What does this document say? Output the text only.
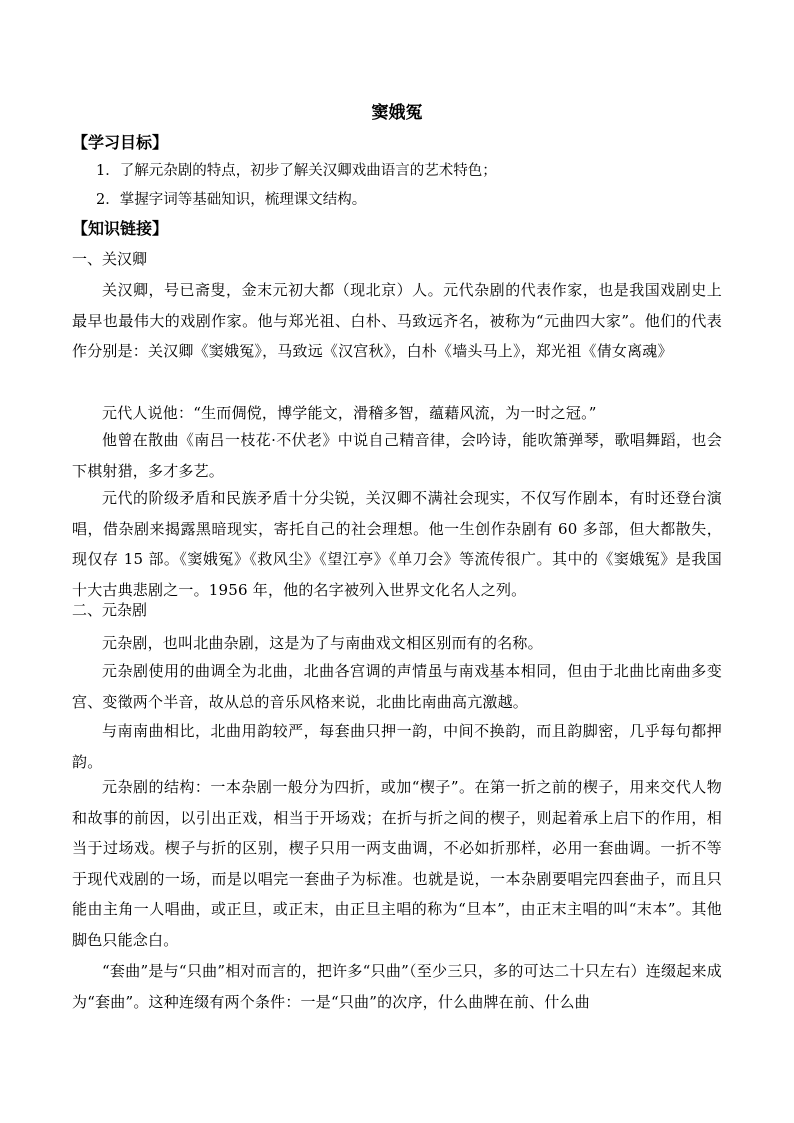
窦娥冤
【学习目标】
1．了解元杂剧的特点，初步了解关汉卿戏曲语言的艺术特色；
2．掌握字词等基础知识，梳理课文结构。
【知识链接】
一、关汉卿
关汉卿，号已斋叟，金末元初大都（现北京）人。元代杂剧的代表作家，也是我国戏剧史上最早也最伟大的戏剧作家。他与郑光祖、白朴、马致远齐名，被称为“元曲四大家”。他们的代表作分别是：关汉卿《窦娥冤》，马致远《汉宫秋》，白朴《墙头马上》，郑光祖《倩女离魂》
元代人说他：“生而倜傥，博学能文，滑稽多智，蕴藉风流，为一时之冠。”
他曾在散曲《南吕一枝花·不伏老》中说自己精音律，会吟诗，能吹箫弹琴，歌唱舞蹈，也会下棋射猎，多才多艺。
元代的阶级矛盾和民族矛盾十分尖锐，关汉卿不满社会现实，不仅写作剧本，有时还登台演唱，借杂剧来揭露黑暗现实，寄托自己的社会理想。他一生创作杂剧有 60 多部，但大都散失，现仅存 15 部。《窦娥冤》《救风尘》《望江亭》《单刀会》等流传很广。其中的《窦娥冤》是我国十大古典悲剧之一。1956 年，他的名字被列入世界文化名人之列。
二、元杂剧
元杂剧，也叫北曲杂剧，这是为了与南曲戏文相区别而有的名称。
元杂剧使用的曲调全为北曲，北曲各宫调的声情虽与南戏基本相同，但由于北曲比南曲多变宫、变徵两个半音，故从总的音乐风格来说，北曲比南曲高亢激越。
与南南曲相比，北曲用韵较严，每套曲只押一韵，中间不换韵，而且韵脚密，几乎每句都押韵。
元杂剧的结构：一本杂剧一般分为四折，或加“楔子”。在第一折之前的楔子，用来交代人物和故事的前因，以引出正戏，相当于开场戏；在折与折之间的楔子，则起着承上启下的作用，相当于过场戏。楔子与折的区别，楔子只用一两支曲调，不必如折那样，必用一套曲调。一折不等于现代戏剧的一场，而是以唱完一套曲子为标准。也就是说，一本杂剧要唱完四套曲子，而且只能由主角一人唱曲，或正旦，或正末，由正旦主唱的称为“旦本”，由正末主唱的叫“末本”。其他脚色只能念白。
“套曲”是与“只曲”相对而言的，把许多“只曲”（至少三只，多的可达二十只左右）连缀起来成为“套曲”。这种连缀有两个条件：一是“只曲”的次序，什么曲牌在前、什么曲
